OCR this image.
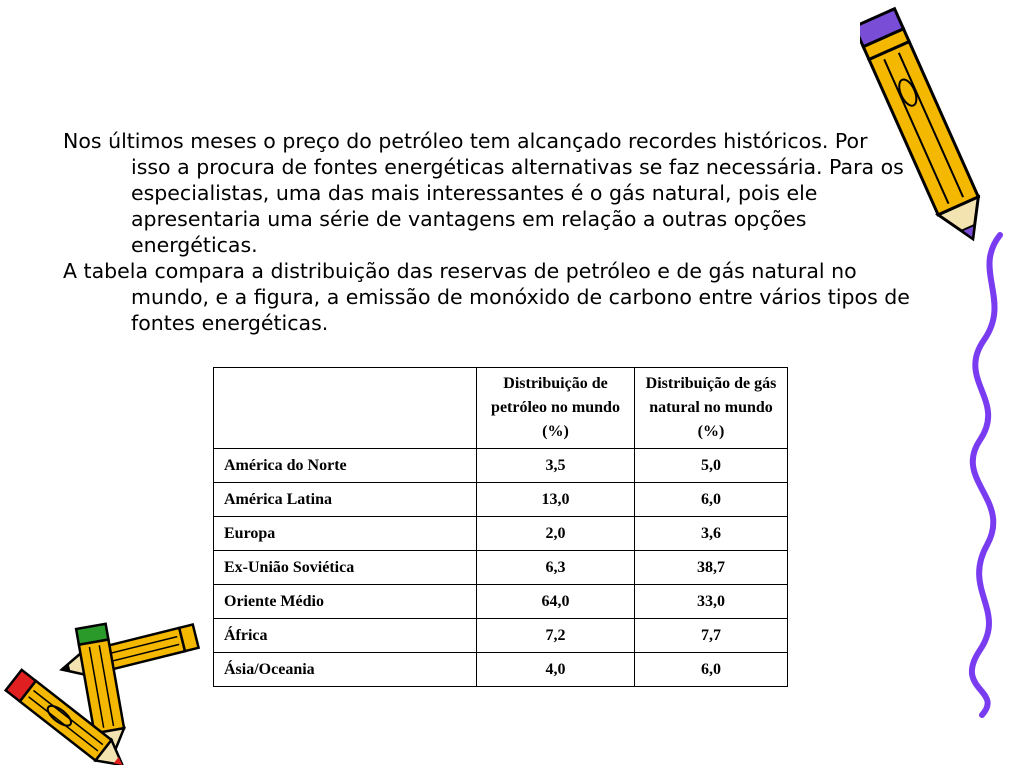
Nos últimos meses o preço do petróleo tem alcançado recordes históricos. Por isso a procura de fontes energéticas alternativas se faz necessária. Para os especialistas, uma das mais interessantes é o gás natural, pois ele apresentaria uma série de vantagens em relação a outras opções energéticas.

A tabela compara a distribuição das reservas de petróleo e de gás natural no mundo, e a figura, a emissão de monóxido de carbono entre vários tipos de fontes energéticas.

	Distribuição de petróleo no mundo (%)	Distribuição de gás natural no mundo (%)
América do Norte	3,5	5,0
América Latina	13,0	6,0
Europa	2,0	3,6
Ex-União Soviética	6,3	38,7
Oriente Médio	64,0	33,0
África	7,2	7,7
Ásia/Oceania	4,0	6,0
